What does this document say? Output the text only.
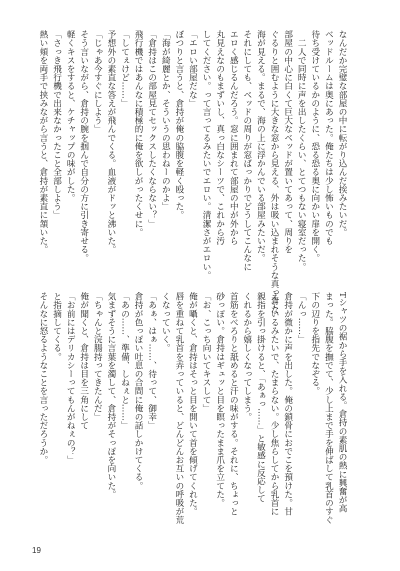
なんだか完璧な部屋の中に転がり込んだ挨みたいだ。
ベッドルームは奥にあった。俺たちは少し怖いものでも
待ち受けているかのように、恐る恐る奥に向かい扉を開く。
　二人で同時に声を出したくらい、とてつもない寝室だった。
部屋の中心に白くて巨大なベッドが置いてあって、周りを
ぐるりと囲むように大きな窓から見える、外は吸い込まれそうな真っ青な
海が見える。まるで、海の上に浮かんでいる部屋みたいだ。
それにしても、ベッドの周りが窓ばっかりでどうしてこんなに
エロく感じるんだろう。窓に囲まれて部屋の中が外から
丸見えなのもまずいし、真っ白なシーツで、これから汚
してください。って言ってるみたいでエロい。清潔さがエロい。
「エロい部屋だな」
ぼつりと言うと、倉持が俺の脇腹を軽く殴った。
「海が綺麗とか、そういうの思わねーのかよ」
「倉持はこの部屋見てセックスしたくならない？」
飛行機ではあんなに積極的に俺を欲しがったくせに。
「してぇけど……」
予想外の素直な答えが飛んでくる。血液がドッと沸いた。
「じゃあ今すぐにしよう」
そう言いながら、倉持の腕を掴んで自分の方に引き寄せる。
軽くキスをすると、ケチャップの味がした。
「さっき飛行機で出来なかったこと全部しよう」
熱い頬を両手で挟みながら言うと、倉持が素直に頷いた。
Tシャツの裾から手を入れる。倉持の素肌の熱に興奮が高
まった。脇腹を撫でて、少し上まで手を伸ばして乳首のすぐ
下の辺りを指先でなぞる。
「んっ……」
倉持が微かに声を出した。俺の鎖骨におでこを預けた。甘
えているみたいで、たまらない。少し焦らしてから乳首に
親指を引っ掛けると、「あぁっ……」と敏感に反応して
くれるから嬉しくなってしまう。
首筋をべろりと舐めると汗の味がする。それに、ちょっと
砂っぽい。倉持はギュッと目を瞑ったまま爪を立てた。
「お、こっち向いてキスして」
俺が囁くと、倉持はそっと目を開いて首を傾げてくれた。
唇を重ねて乳首を弄っていると、どんどんお互いの呼吸が荒
くなっていく。
「あぁ、はぁ……、待って、御幸」
倉持が色っぽい吐息の合間に俺の話しかけてくる。
「あの……、準備、しねぇと……」
気まずそうに言葉を濁して、倉持がそっぽを向いた。
「ちゃんと浣腸持ってきたんだ」
俺が聞くと、倉持は目を三角にして
「お前にはデリカシーってもんがねぇの？」
と指摘してくる。
そんなに怒るようなことを言っただろうか。
19
